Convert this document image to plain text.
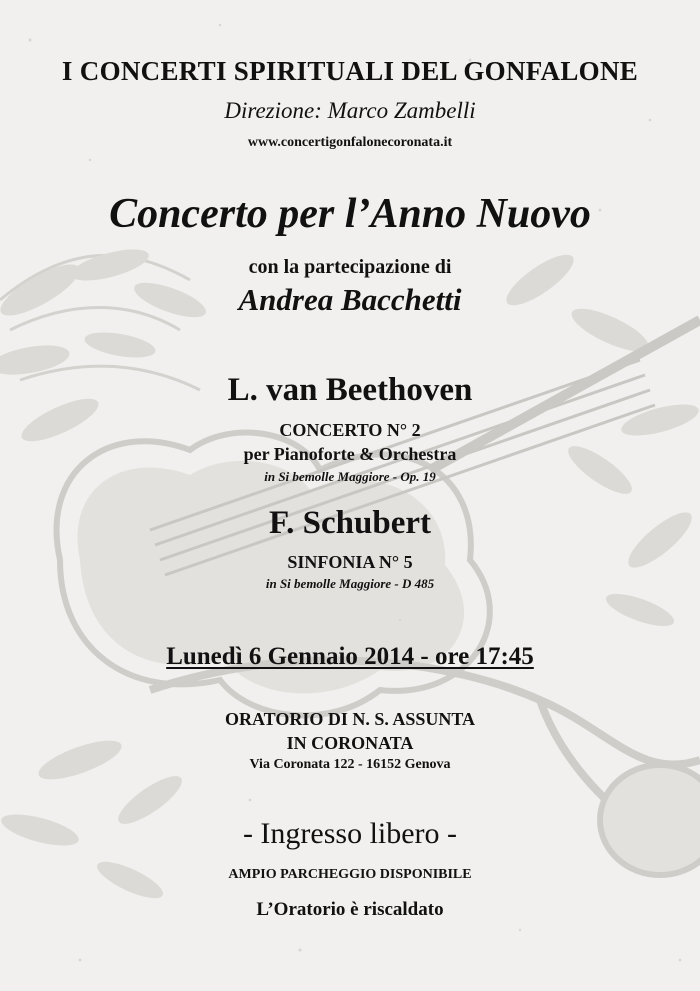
I CONCERTI SPIRITUALI DEL GONFALONE
Direzione: Marco Zambelli
www.concertigonfalonecoronata.it
Concerto per l’Anno Nuovo
con la partecipazione di
Andrea Bacchetti
L. van Beethoven
CONCERTO N° 2
per Pianoforte & Orchestra
in Si bemolle Maggiore - Op. 19
F. Schubert
SINFONIA N° 5
in Si bemolle Maggiore - D 485
Lunedì 6 Gennaio 2014 - ore 17:45
ORATORIO DI N. S. ASSUNTA
IN CORONATA
Via Coronata 122 - 16152 Genova
- Ingresso libero -
AMPIO PARCHEGGIO DISPONIBILE
L’Oratorio è riscaldato
